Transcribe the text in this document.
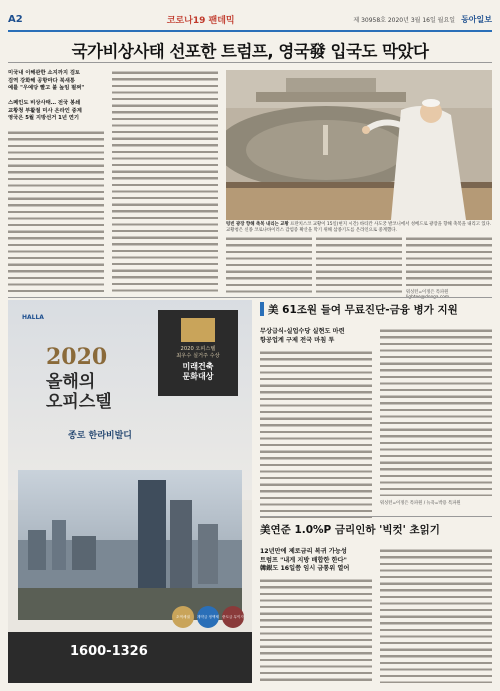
A2	코로나19 팬데믹	제 30958호 2020년 3월 16일 월요일 동아일보
국가비상사태 선포한 트럼프, 영국發 입국도 막았다
미국내 이해관한 소지까지 검토
검역 강화해 공항마다 북새통
예를 "우예당 빨고 붙 높임 펄쩌"
스페인도 비상사태… 전국 봉쇄
교황청 부활절 미사 온라인 중계
영국은 5월 지방선거 1년 연기
텅빈 광장 향해 축복 내리는 교황 프란치스코 교황이 15일(현지 시간) 바티칸 사도궁 발코니에서 성베드로 광장을 향해 축복을 내리고 있다. 교황청은 신종 코로나바이러스 감염증 확산을 막기 위해 삼종기도를 온라인으로 중계했다.
워싱턴=이정은 특파원
HALLA
2020
올해의
오피스텔
2020 오피스텔
최우수 실거주 수상
미래건축
문화대상
종로 한라비발디
초역세권	계약금 정액제 중도금 무이자
1600-1326
美 61조원 들여 무료진단-금융 병가 지원
무상급식-실업수당 실현도 마련
항공업계 구제 전국 마침 투
워싱턴=이정은 특파원 / 뉴욕=박용 특파원
美연준 1.0%P 금리인하 '빅컷' 초읽기
12년만에 제로금리 복귀 가능성
트럼프 "내게 지방 배합한 한다"
韓銀도 16일쯤 임시 금통위 열어
